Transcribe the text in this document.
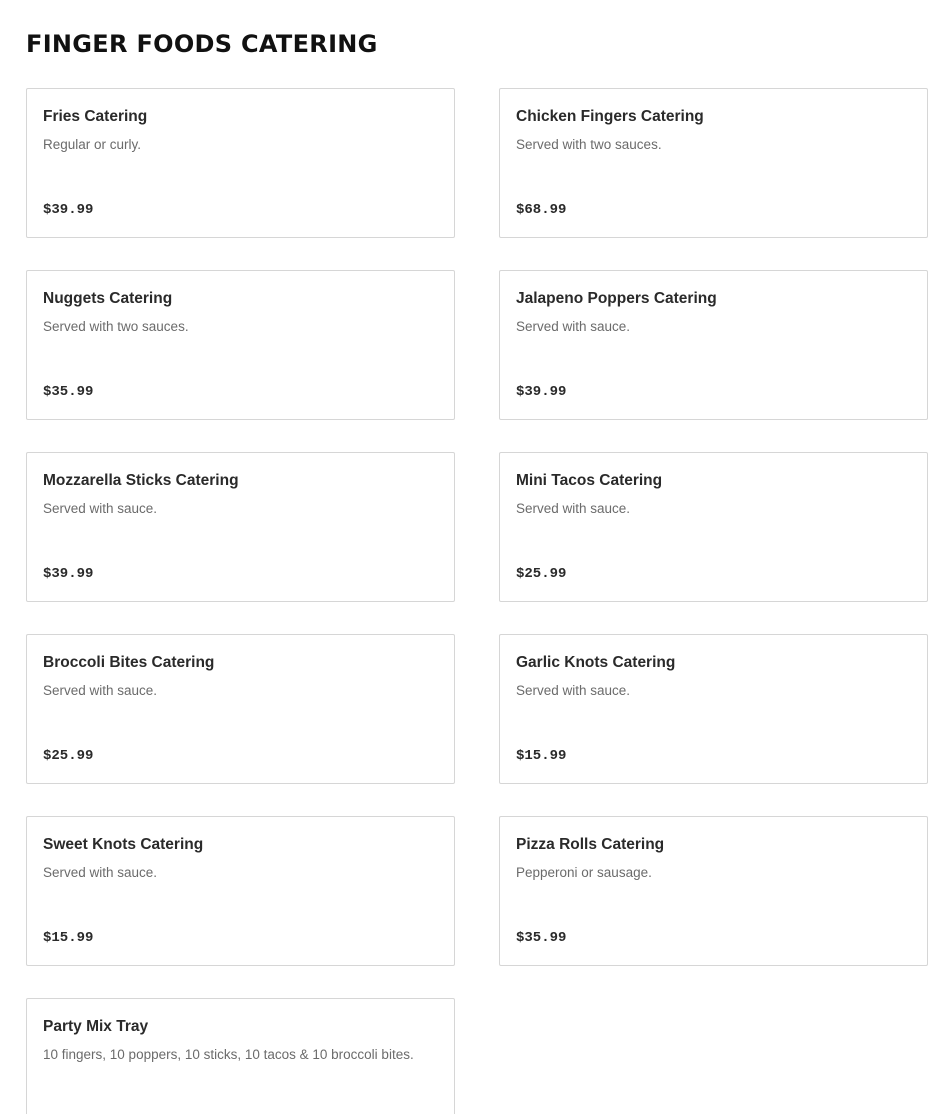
FINGER FOODS CATERING
Fries Catering
Regular or curly.
$39.99
Chicken Fingers Catering
Served with two sauces.
$68.99
Nuggets Catering
Served with two sauces.
$35.99
Jalapeno Poppers Catering
Served with sauce.
$39.99
Mozzarella Sticks Catering
Served with sauce.
$39.99
Mini Tacos Catering
Served with sauce.
$25.99
Broccoli Bites Catering
Served with sauce.
$25.99
Garlic Knots Catering
Served with sauce.
$15.99
Sweet Knots Catering
Served with sauce.
$15.99
Pizza Rolls Catering
Pepperoni or sausage.
$35.99
Party Mix Tray
10 fingers, 10 poppers, 10 sticks, 10 tacos & 10 broccoli bites.
